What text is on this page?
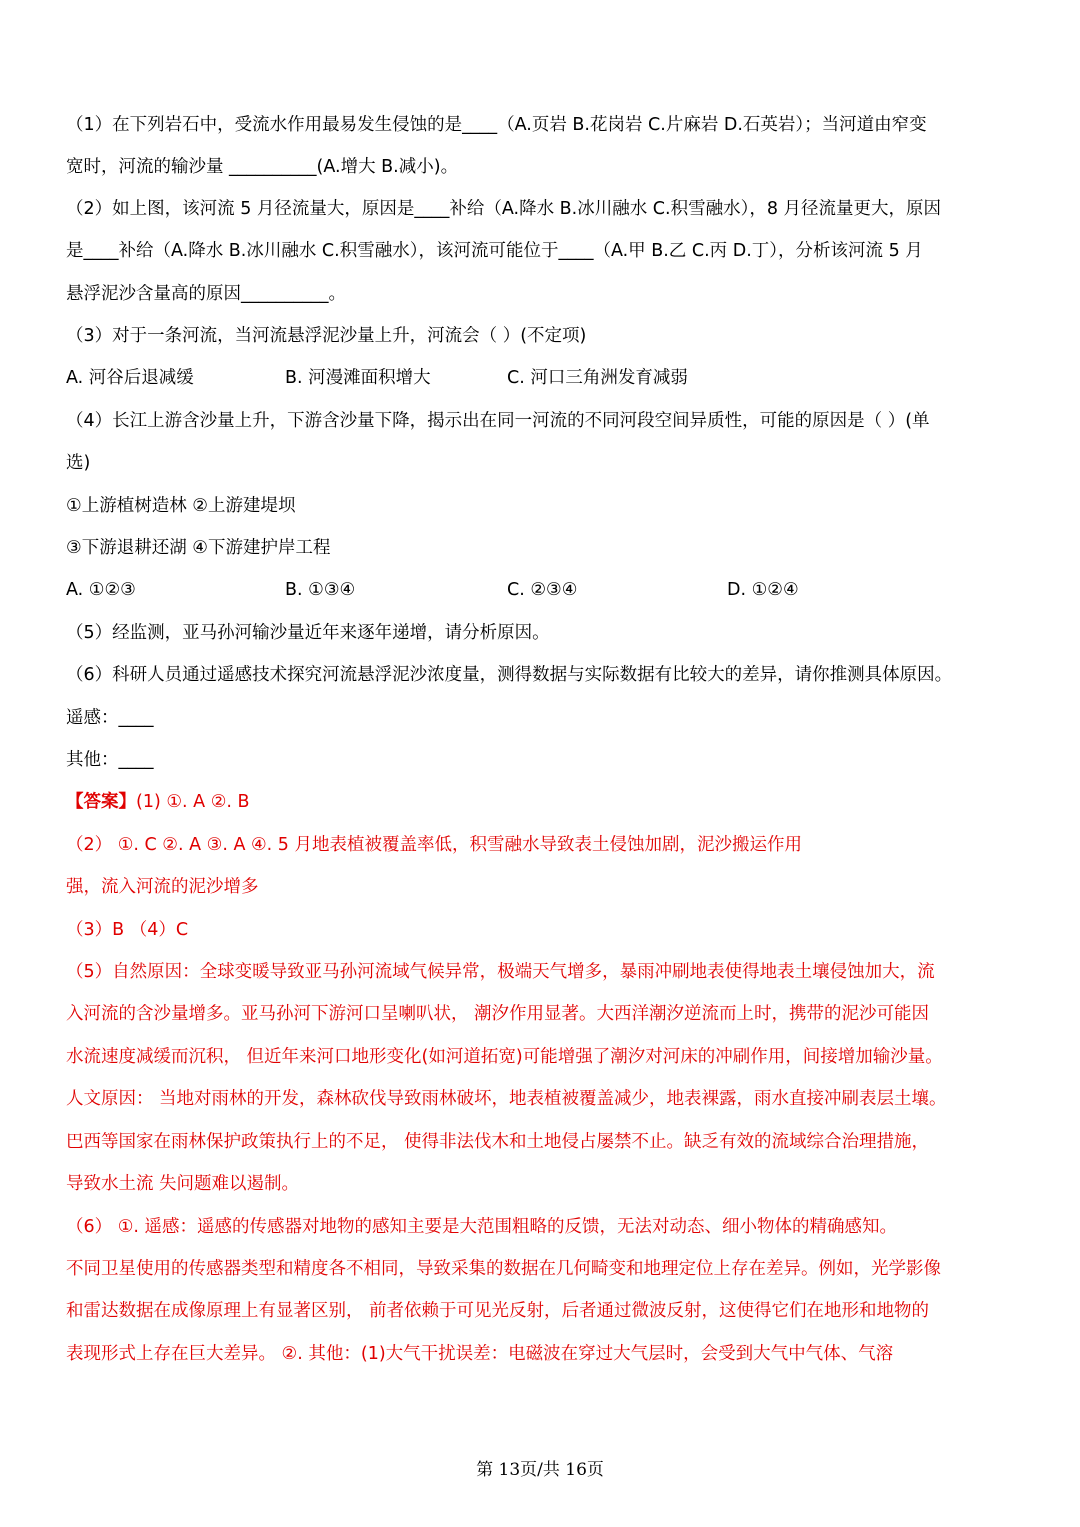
（1）在下列岩石中，受流水作用最易发生侵蚀的是____（A.页岩 B.花岗岩 C.片麻岩 D.石英岩）；当河道由窄变
宽时，河流的输沙量 __________(A.增大 B.减小)。
（2）如上图，该河流 5 月径流量大，原因是____补给（A.降水 B.冰川融水 C.积雪融水），8 月径流量更大，原因
是____补给（A.降水 B.冰川融水 C.积雪融水），该河流可能位于____（A.甲 B.乙 C.丙 D.丁），分析该河流 5 月
悬浮泥沙含量高的原因__________。
（3）对于一条河流，当河流悬浮泥沙量上升，河流会（ ）(不定项)
A. 河谷后退减缓	B. 河漫滩面积增大	C. 河口三角洲发育减弱
（4）长江上游含沙量上升，下游含沙量下降，揭示出在同一河流的不同河段空间异质性，可能的原因是（ ）(单
选)
①上游植树造林 ②上游建堤坝
③下游退耕还湖 ④下游建护岸工程
A. ①②③	B. ①③④	C. ②③④	D. ①②④
（5）经监测，亚马孙河输沙量近年来逐年递增，请分析原因。
（6）科研人员通过遥感技术探究河流悬浮泥沙浓度量，测得数据与实际数据有比较大的差异，请你推测具体原因。
遥感：____
其他：____
【答案】(1) ①. A ②. B
（2） ①. C ②. A ③. A ④. 5 月地表植被覆盖率低，积雪融水导致表土侵蚀加剧，泥沙搬运作用
强，流入河流的泥沙增多
（3）B （4）C
（5）自然原因：全球变暖导致亚马孙河流域气候异常，极端天气增多，暴雨冲刷地表使得地表土壤侵蚀加大，流
入河流的含沙量增多。亚马孙河下游河口呈喇叭状， 潮汐作用显著。大西洋潮汐逆流而上时，携带的泥沙可能因
水流速度减缓而沉积， 但近年来河口地形变化(如河道拓宽)可能增强了潮汐对河床的冲刷作用，间接增加输沙量。
人文原因： 当地对雨林的开发，森林砍伐导致雨林破坏，地表植被覆盖减少，地表裸露，雨水直接冲刷表层土壤。
巴西等国家在雨林保护政策执行上的不足， 使得非法伐木和土地侵占屡禁不止。缺乏有效的流域综合治理措施，
导致水土流 失问题难以遏制。
（6） ①. 遥感：遥感的传感器对地物的感知主要是大范围粗略的反馈，无法对动态、细小物体的精确感知。
不同卫星使用的传感器类型和精度各不相同，导致采集的数据在几何畸变和地理定位上存在差异。例如，光学影像
和雷达数据在成像原理上有显著区别， 前者依赖于可见光反射，后者通过微波反射，这使得它们在地形和地物的
表现形式上存在巨大差异。 ②. 其他：(1)大气干扰误差：电磁波在穿过大气层时，会受到大气中气体、气溶
第 13页/共 16页
